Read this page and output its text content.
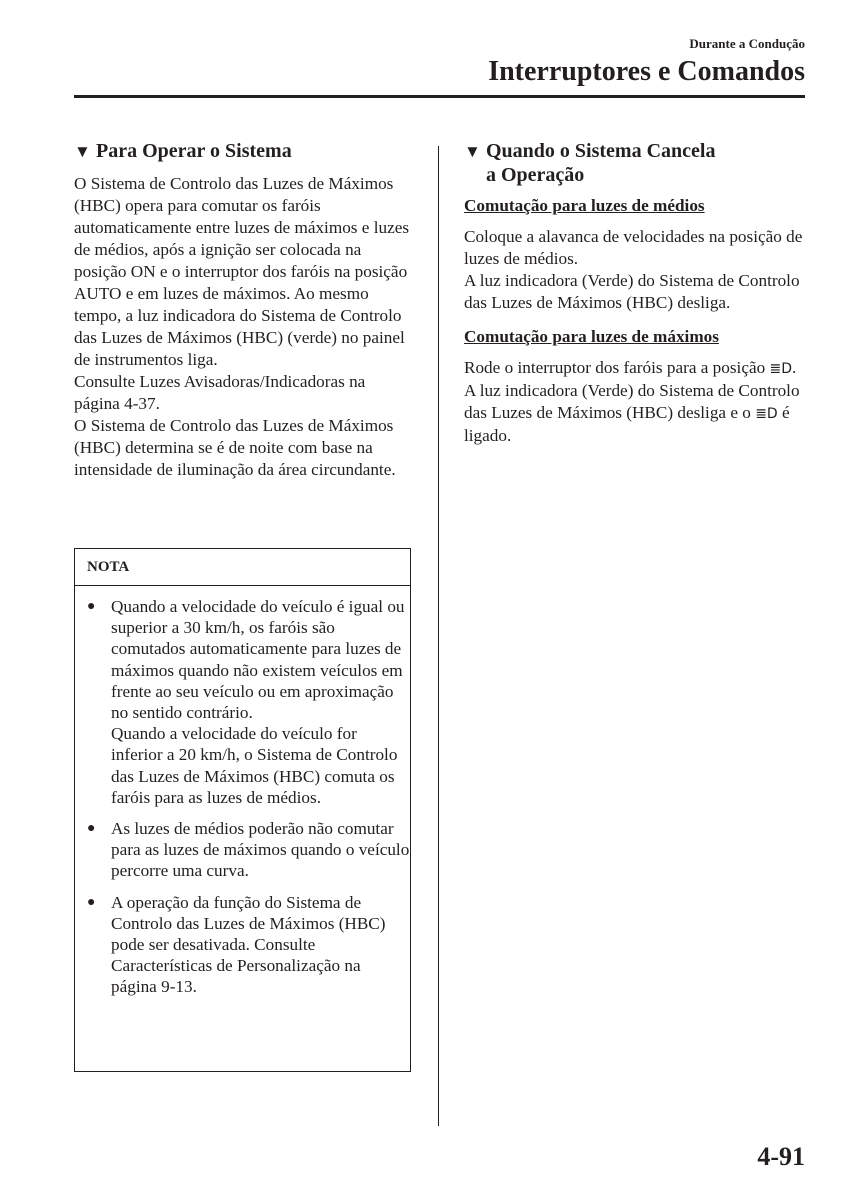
Durante a Condução
Interruptores e Comandos
▼ Para Operar o Sistema

O Sistema de Controlo das Luzes de Máximos (HBC) opera para comutar os faróis automaticamente entre luzes de máximos e luzes de médios, após a ignição ser colocada na posição ON e o interruptor dos faróis na posição AUTO e em luzes de máximos. Ao mesmo tempo, a luz indicadora do Sistema de Controlo das Luzes de Máximos (HBC) (verde) no painel de instrumentos liga.

Consulte Luzes Avisadoras/Indicadoras na página 4-37.

O Sistema de Controlo das Luzes de Máximos (HBC) determina se é de noite com base na intensidade de iluminação da área circundante.

NOTA
● Quando a velocidade do veículo é igual ou superior a 30 km/h, os faróis são comutados automaticamente para luzes de máximos quando não existem veículos em frente ao seu veículo ou em aproximação no sentido contrário.
Quando a velocidade do veículo for inferior a 20 km/h, o Sistema de Controlo das Luzes de Máximos (HBC) comuta os faróis para as luzes de médios.
● As luzes de médios poderão não comutar para as luzes de máximos quando o veículo percorre uma curva.
● A operação da função do Sistema de Controlo das Luzes de Máximos (HBC) pode ser desativada. Consulte Características de Personalização na página 9-13.
▼ Quando o Sistema Cancela
a Operação
Comutação para luzes de médios

Coloque a alavanca de velocidades na posição de luzes de médios.

A luz indicadora (Verde) do Sistema de Controlo das Luzes de Máximos (HBC) desliga.

Comutação para luzes de máximos

Rode o interruptor dos faróis para a posição ≣D.

A luz indicadora (Verde) do Sistema de Controlo das Luzes de Máximos (HBC) desliga e o ≣D é ligado.

4-91
